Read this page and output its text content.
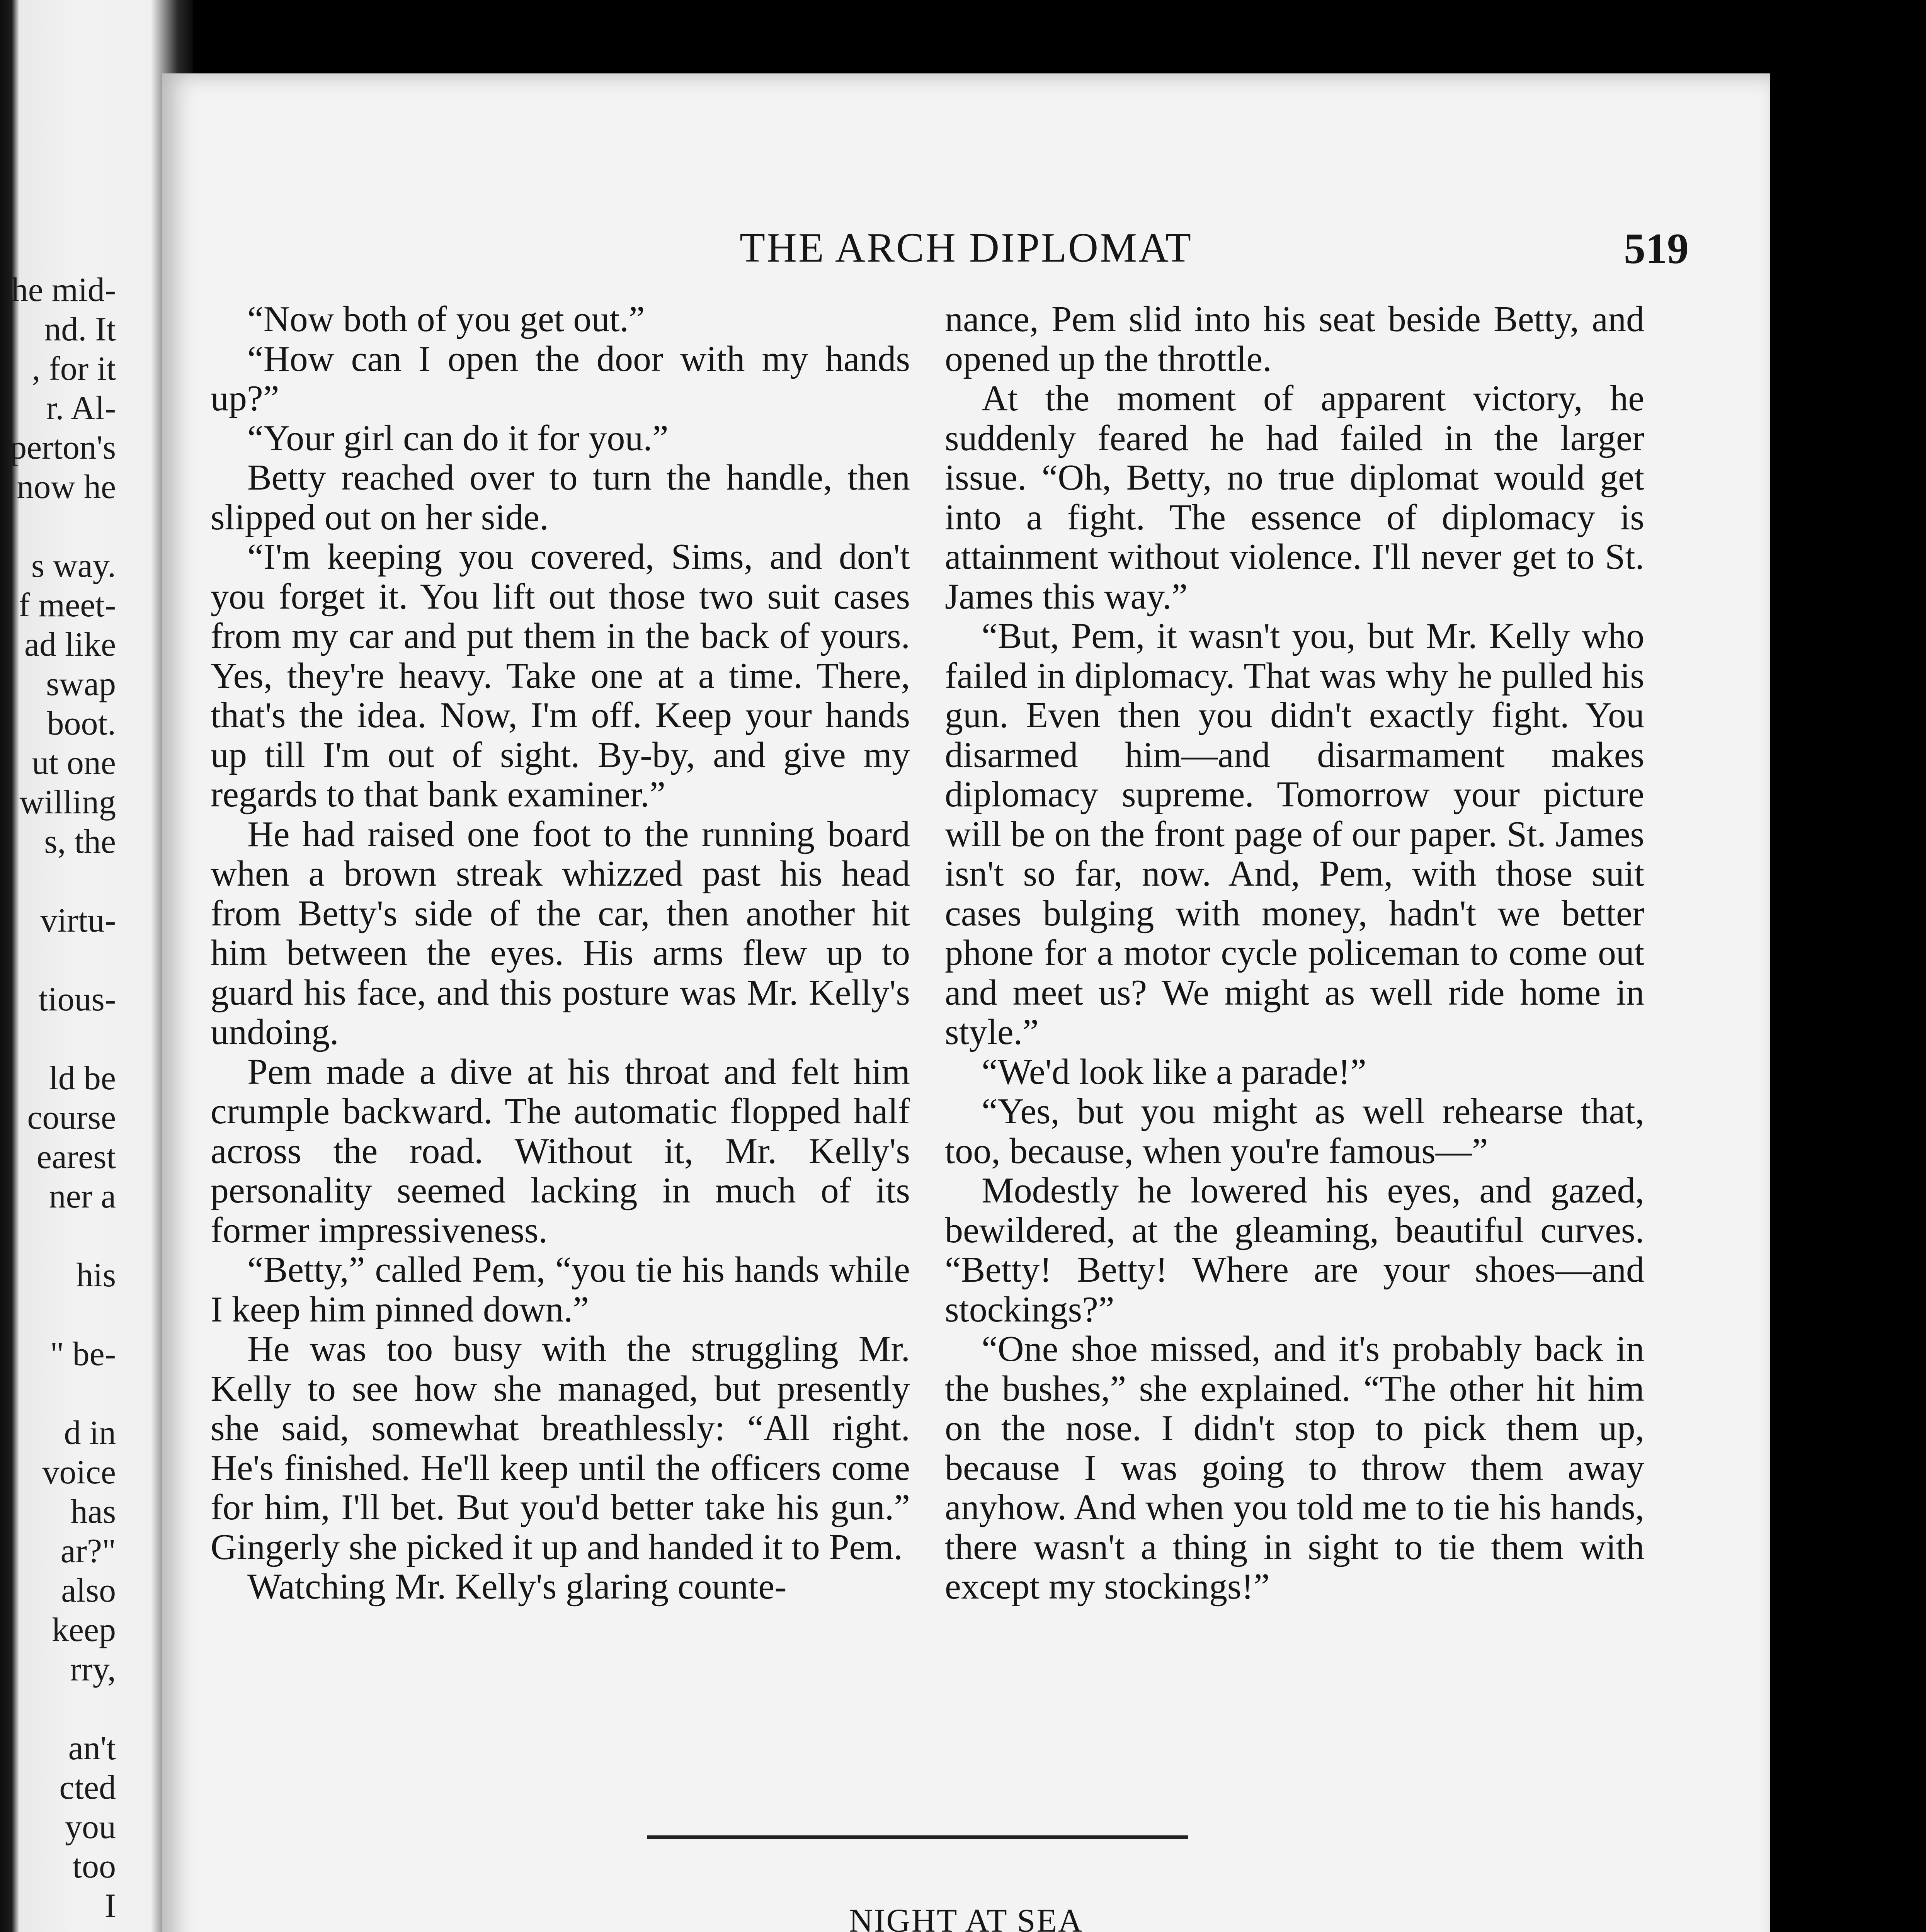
he mid-
nd. It
, for it
r. Al-
perton's
now he

s way.
f meet-
ad like
swap
boot.
ut one
willing
s, the

virtu-

tious-

ld be
course
earest
ner a

his

" be-

d in
voice
has
ar?"
also
keep
rry,

an't
cted
you
too
I

THE ARCH DIPLOMAT	519

“Now both of you get out.”

“How can I open the door with my hands up?”

“Your girl can do it for you.”

Betty reached over to turn the handle, then slipped out on her side.

“I'm keeping you covered, Sims, and don't you forget it. You lift out those two suit cases from my car and put them in the back of yours. Yes, they're heavy. Take one at a time. There, that's the idea. Now, I'm off. Keep your hands up till I'm out of sight. By-by, and give my regards to that bank examiner.”

He had raised one foot to the running board when a brown streak whizzed past his head from Betty's side of the car, then another hit him between the eyes. His arms flew up to guard his face, and this posture was Mr. Kelly's undoing.

Pem made a dive at his throat and felt him crumple backward. The automatic flopped half across the road. Without it, Mr. Kelly's personality seemed lacking in much of its former impressiveness.

“Betty,” called Pem, “you tie his hands while I keep him pinned down.”

He was too busy with the struggling Mr. Kelly to see how she managed, but presently she said, somewhat breathlessly: “All right. He's finished. He'll keep until the officers come for him, I'll bet. But you'd better take his gun.” Gingerly she picked it up and handed it to Pem.

Watching Mr. Kelly's glaring counte-

nance, Pem slid into his seat beside Betty, and opened up the throttle.

At the moment of apparent victory, he suddenly feared he had failed in the larger issue. “Oh, Betty, no true diplomat would get into a fight. The essence of diplomacy is attainment without violence. I'll never get to St. James this way.”

“But, Pem, it wasn't you, but Mr. Kelly who failed in diplomacy. That was why he pulled his gun. Even then you didn't exactly fight. You disarmed him—and disarmament makes diplomacy supreme. Tomorrow your picture will be on the front page of our paper. St. James isn't so far, now. And, Pem, with those suit cases bulging with money, hadn't we better phone for a motor cycle policeman to come out and meet us? We might as well ride home in style.”

“We'd look like a parade!”

“Yes, but you might as well rehearse that, too, because, when you're famous—”

Modestly he lowered his eyes, and gazed, bewildered, at the gleaming, beautiful curves. “Betty! Betty! Where are your shoes—and stockings?”

“One shoe missed, and it's probably back in the bushes,” she explained. “The other hit him on the nose. I didn't stop to pick them up, because I was going to throw them away anyhow. And when you told me to tie his hands, there wasn't a thing in sight to tie them with except my stockings!”

NIGHT AT SEA
